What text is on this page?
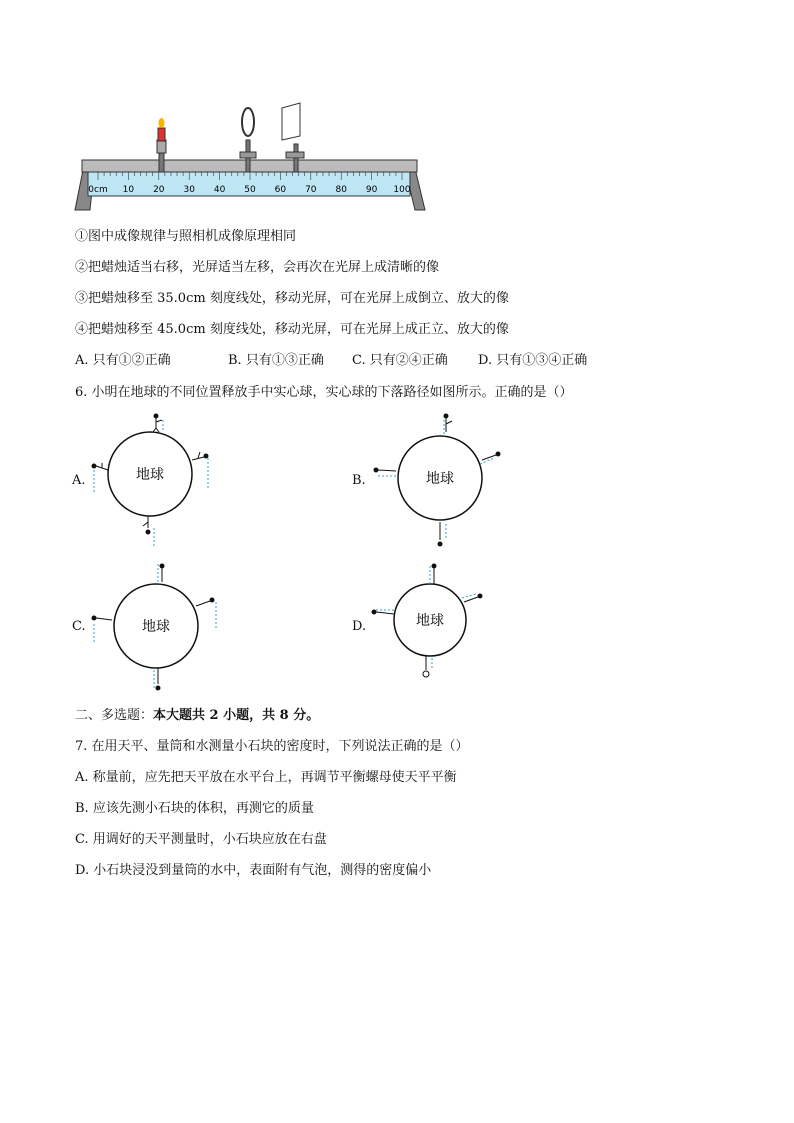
0cm 10 20 30 40 50 60 70 80 90 100
①图中成像规律与照相机成像原理相同
②把蜡烛适当右移，光屏适当左移，会再次在光屏上成清晰的像
③把蜡烛移至 35.0cm 刻度线处，移动光屏，可在光屏上成倒立、放大的像
④把蜡烛移至 45.0cm 刻度线处，移动光屏，可在光屏上成正立、放大的像
A. 只有①②正确	B. 只有①③正确 C. 只有②④正确 D. 只有①③④正确
6. 小明在地球的不同位置释放手中实心球，实心球的下落路径如图所示。正确的是（）
A.	B.
C.	D.
地球	地球
地球	地球
二、多选题：本大题共 2 小题，共 8 分。
7. 在用天平、量筒和水测量小石块的密度时，下列说法正确的是（）
A. 称量前，应先把天平放在水平台上，再调节平衡螺母使天平平衡
B. 应该先测小石块的体积，再测它的质量
C. 用调好的天平测量时，小石块应放在右盘
D. 小石块浸没到量筒的水中，表面附有气泡，测得的密度偏小
